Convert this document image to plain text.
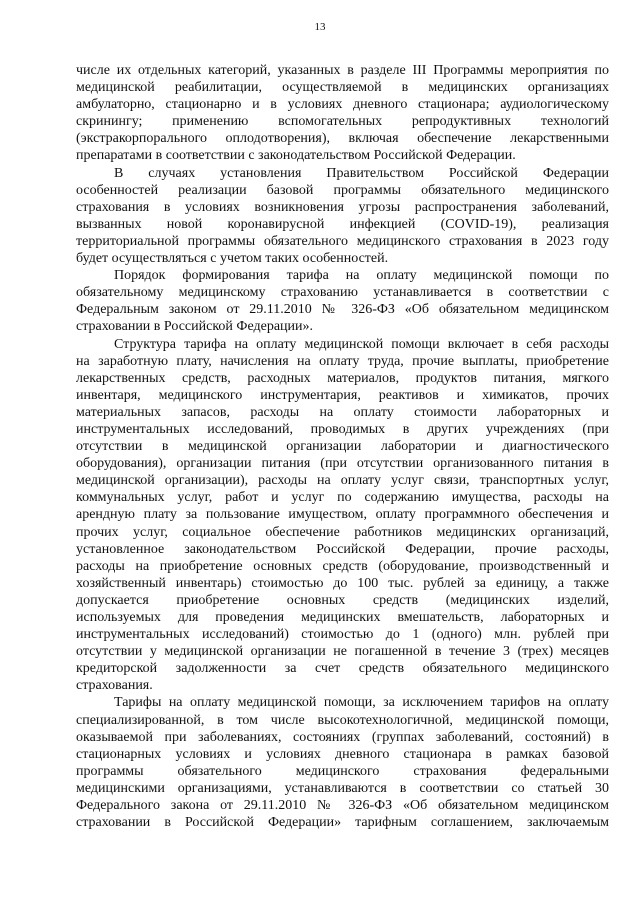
13
числе их отдельных категорий, указанных в разделе III Программы мероприятия по
медицинской реабилитации, осуществляемой в медицинских организациях
амбулаторно, стационарно и в условиях дневного стационара; аудиологическому
скринингу; применению вспомогательных репродуктивных технологий
(экстракорпорального оплодотворения), включая обеспечение лекарственными
препаратами в соответствии с законодательством Российской Федерации.
В случаях установления Правительством Российской Федерации
особенностей реализации базовой программы обязательного медицинского
страхования в условиях возникновения угрозы распространения заболеваний,
вызванных новой коронавирусной инфекцией (COVID-19), реализация
территориальной программы обязательного медицинского страхования в 2023 году
будет осуществляться с учетом таких особенностей.
Порядок формирования тарифа на оплату медицинской помощи по
обязательному медицинскому страхованию устанавливается в соответствии с
Федеральным законом от 29.11.2010 № 326-ФЗ «Об обязательном медицинском
страховании в Российской Федерации».
Структура тарифа на оплату медицинской помощи включает в себя расходы
на заработную плату, начисления на оплату труда, прочие выплаты, приобретение
лекарственных средств, расходных материалов, продуктов питания, мягкого
инвентаря, медицинского инструментария, реактивов и химикатов, прочих
материальных запасов, расходы на оплату стоимости лабораторных и
инструментальных исследований, проводимых в других учреждениях (при
отсутствии в медицинской организации лаборатории и диагностического
оборудования), организации питания (при отсутствии организованного питания в
медицинской организации), расходы на оплату услуг связи, транспортных услуг,
коммунальных услуг, работ и услуг по содержанию имущества, расходы на
арендную плату за пользование имуществом, оплату программного обеспечения и
прочих услуг, социальное обеспечение работников медицинских организаций,
установленное законодательством Российской Федерации, прочие расходы,
расходы на приобретение основных средств (оборудование, производственный и
хозяйственный инвентарь) стоимостью до 100 тыс. рублей за единицу, а также
допускается приобретение основных средств (медицинских изделий,
используемых для проведения медицинских вмешательств, лабораторных и
инструментальных исследований) стоимостью до 1 (одного) млн. рублей при
отсутствии у медицинской организации не погашенной в течение 3 (трех) месяцев
кредиторской задолженности за счет средств обязательного медицинского
страхования.
Тарифы на оплату медицинской помощи, за исключением тарифов на оплату
специализированной, в том числе высокотехнологичной, медицинской помощи,
оказываемой при заболеваниях, состояниях (группах заболеваний, состояний) в
стационарных условиях и условиях дневного стационара в рамках базовой
программы обязательного медицинского страхования федеральными
медицинскими организациями, устанавливаются в соответствии со статьей 30
Федерального закона от 29.11.2010 № 326-ФЗ «Об обязательном медицинском
страховании в Российской Федерации» тарифным соглашением, заключаемым
